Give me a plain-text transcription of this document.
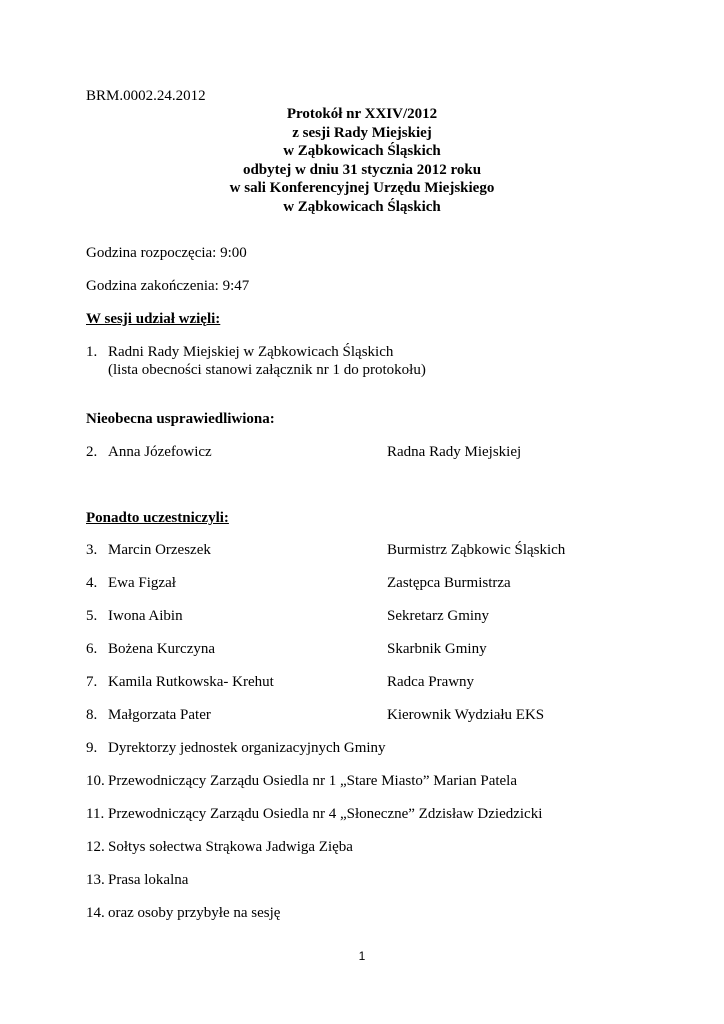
BRM.0002.24.2012
Protokół nr XXIV/2012
z sesji Rady Miejskiej
w Ząbkowicach Śląskich
odbytej w dniu 31 stycznia 2012 roku
w sali Konferencyjnej Urzędu Miejskiego
w Ząbkowicach Śląskich
Godzina rozpoczęcia: 9:00
Godzina zakończenia: 9:47
W sesji udział wzięli:
1. Radni Rady Miejskiej w Ząbkowicach Śląskich
(lista obecności stanowi załącznik nr 1 do protokołu)
Nieobecna usprawiedliwiona:
2. Anna Józefowicz	Radna Rady Miejskiej
Ponadto uczestniczyli:
3. Marcin Orzeszek	Burmistrz Ząbkowic Śląskich
4. Ewa Figzał	Zastępca Burmistrza
5. Iwona Aibin	Sekretarz Gminy
6. Bożena Kurczyna	Skarbnik Gminy
7. Kamila Rutkowska- Krehut	Radca Prawny
8. Małgorzata Pater	Kierownik Wydziału EKS
9. Dyrektorzy jednostek organizacyjnych Gminy
10. Przewodniczący Zarządu Osiedla nr 1 „Stare Miasto” Marian Patela
11. Przewodniczący Zarządu Osiedla nr 4 „Słoneczne” Zdzisław Dziedzicki
12. Sołtys sołectwa Strąkowa Jadwiga Zięba
13. Prasa lokalna
14. oraz osoby przybyłe na sesję
1
